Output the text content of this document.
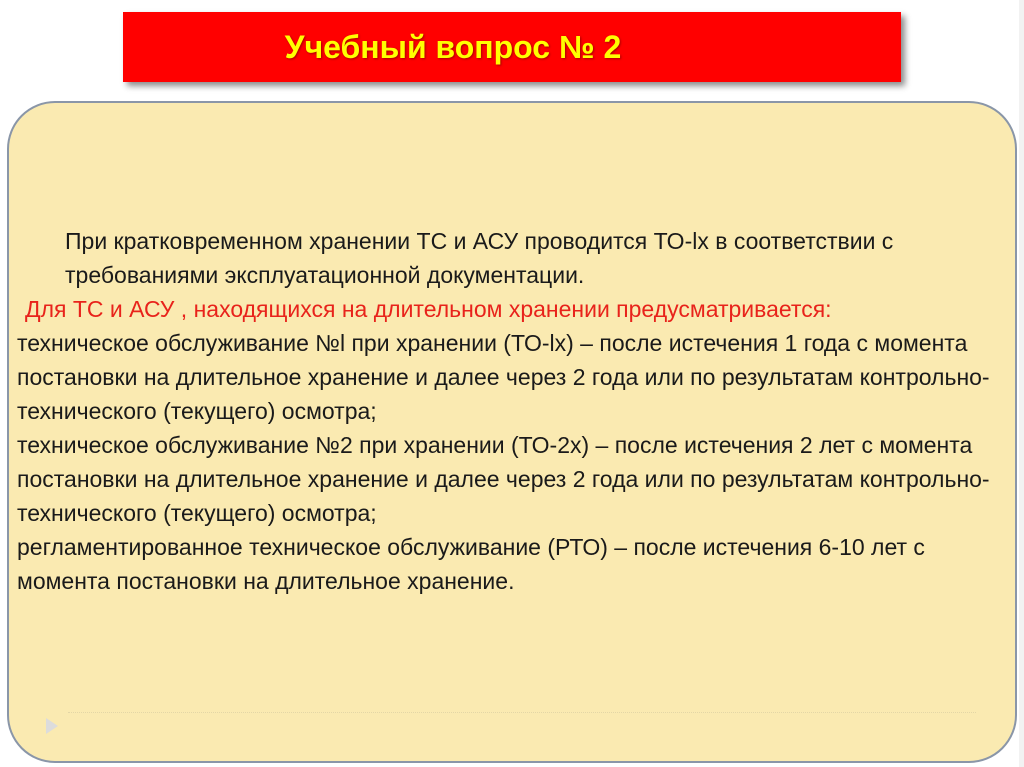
Учебный вопрос № 2

При кратковременном хранении ТС и АСУ проводится ТО-lх в соответствии с требованиями эксплуатационной документации.

Для ТС и АСУ , находящихся на длительном хранении предусматривается:

техническое обслуживание №l при хранении (ТО-lх) – после истечения 1 года с момента постановки на длительное хранение и далее через 2 года или по результатам контрольно-технического (текущего) осмотра;

техническое обслуживание №2 при хранении (ТО-2х) – после истечения 2 лет с момента постановки на длительное хранение и далее через 2 года или по результатам контрольно-технического (текущего) осмотра;

регламентированное техническое обслуживание (РТО) – после истечения 6-10 лет с момента постановки на длительное хранение.
